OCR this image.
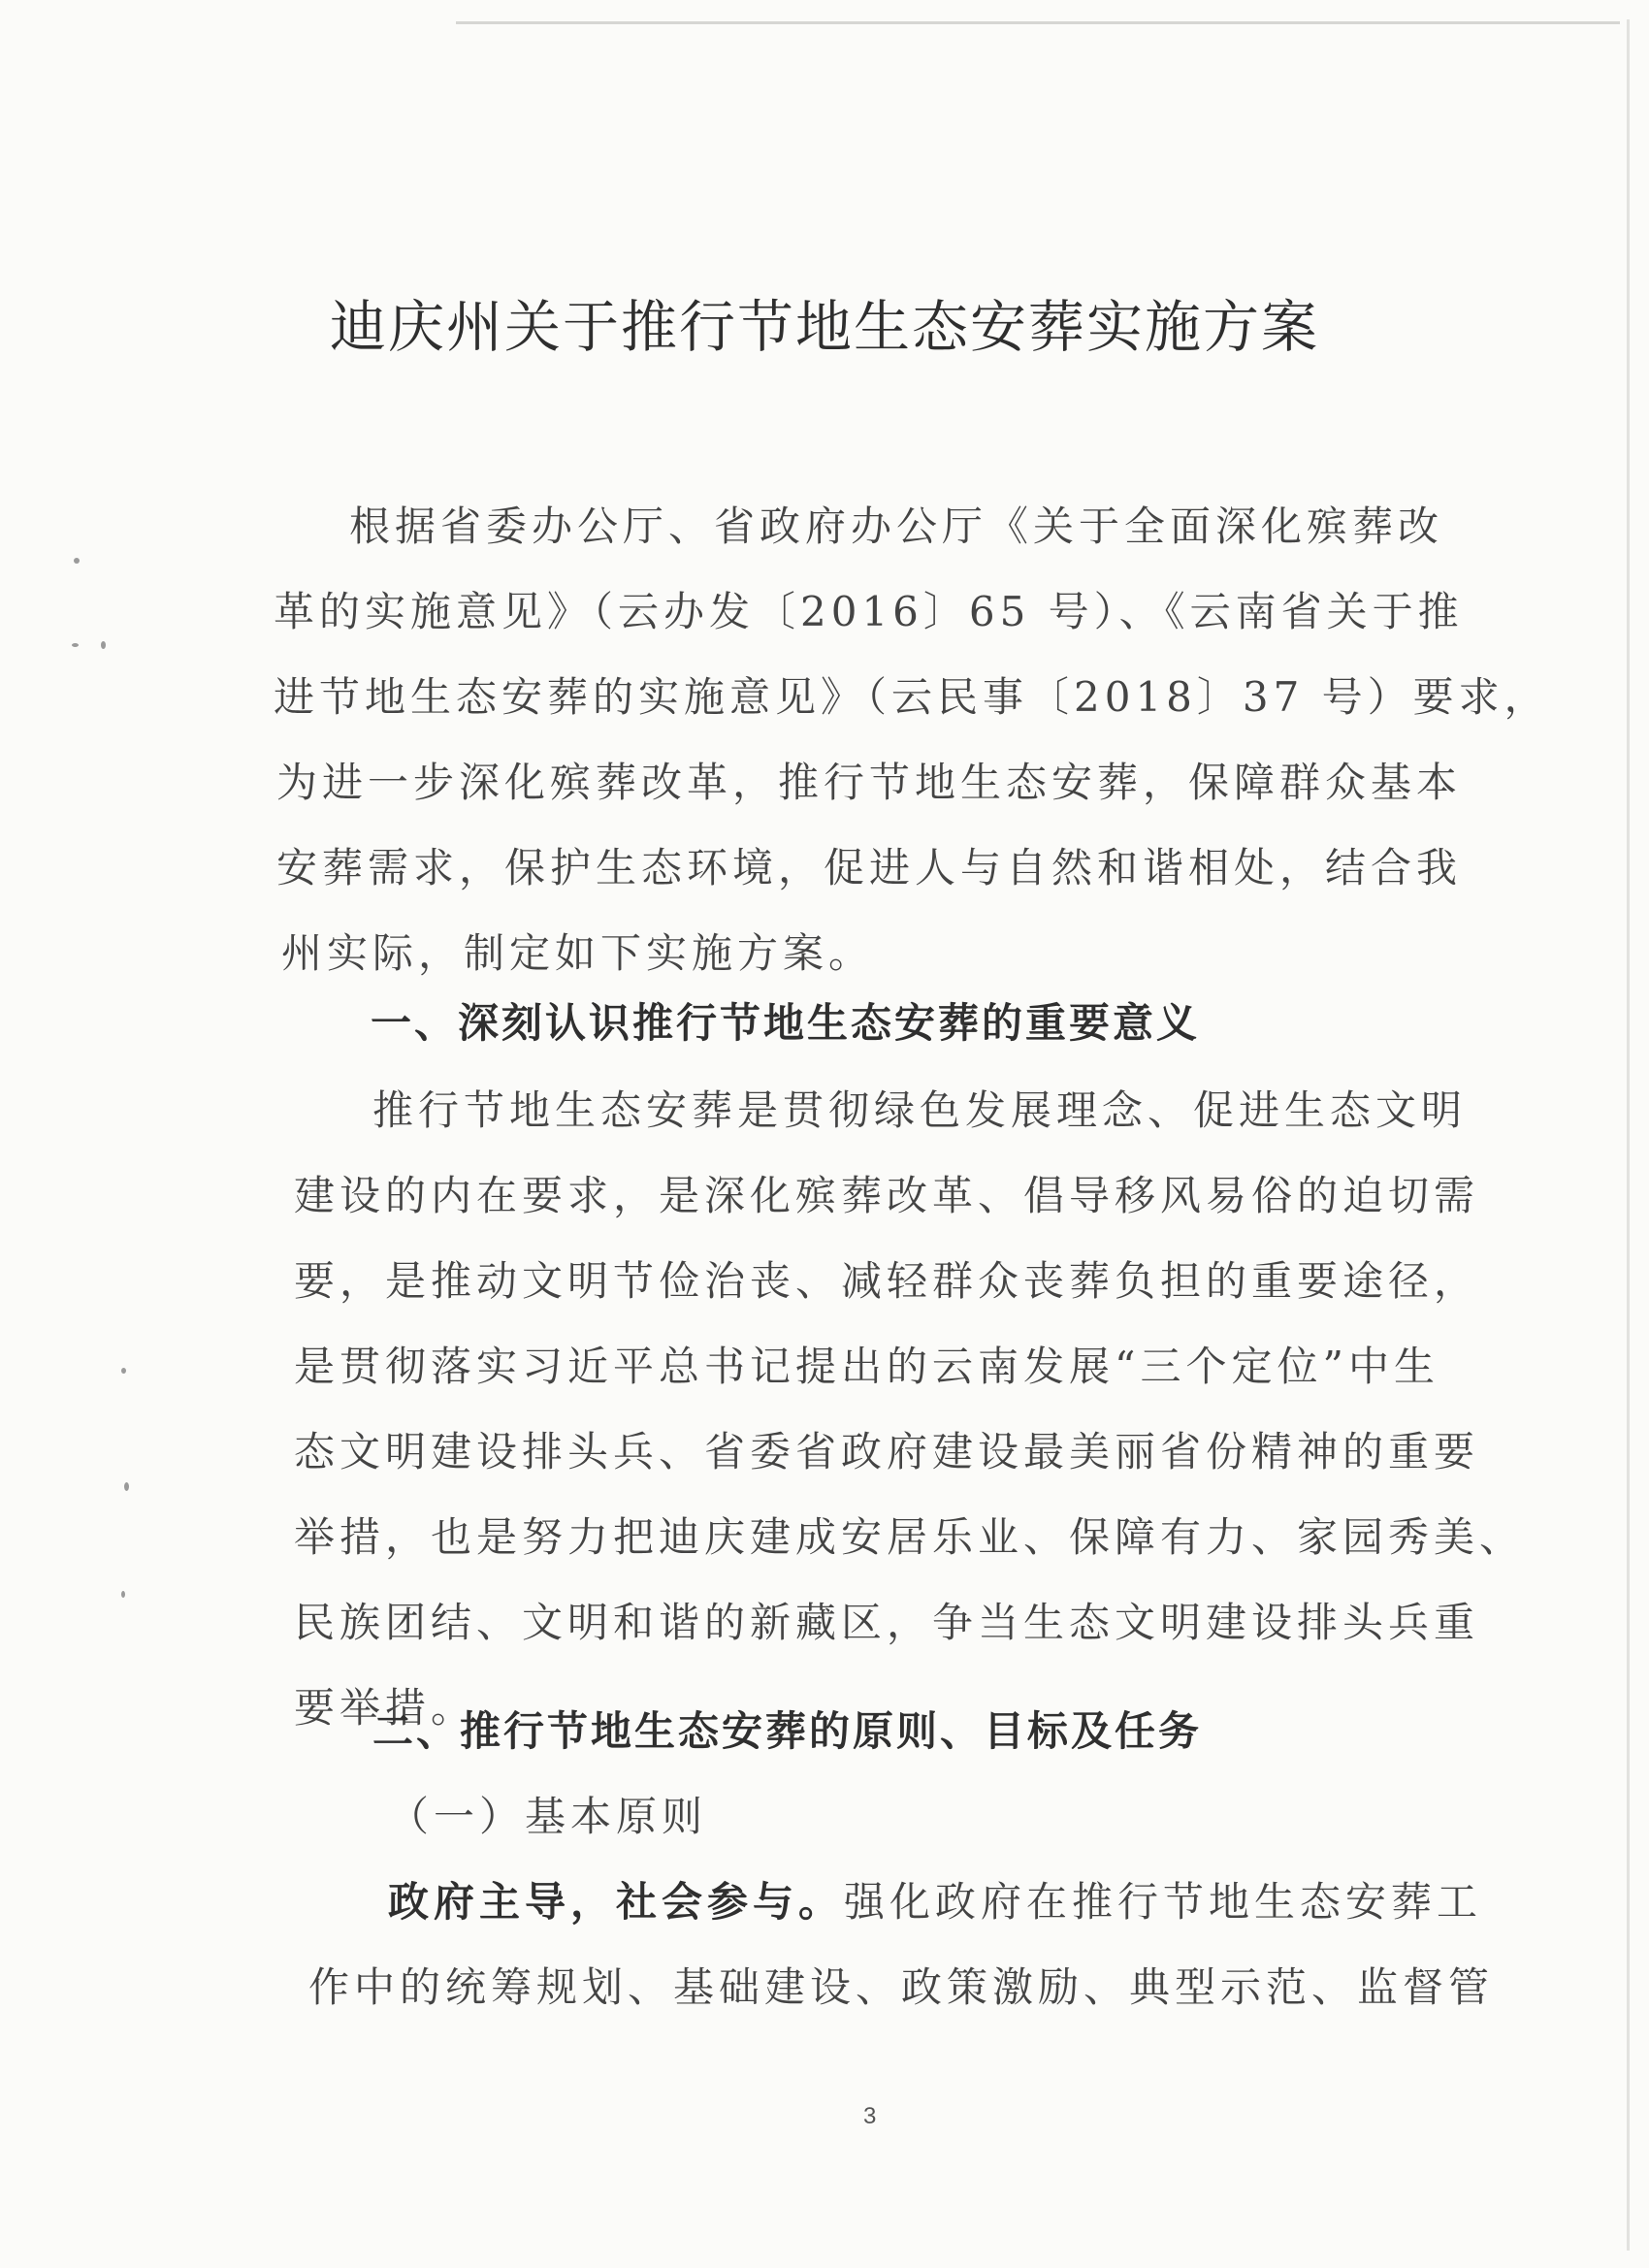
迪庆州关于推行节地生态安葬实施方案
根据省委办公厅、省政府办公厅《关于全面深化殡葬改
革的实施意见》（云办发〔2016〕65 号）、《云南省关于推
进节地生态安葬的实施意见》（云民事〔2018〕37 号）要求，
为进一步深化殡葬改革，推行节地生态安葬，保障群众基本
安葬需求，保护生态环境，促进人与自然和谐相处，结合我
州实际，制定如下实施方案。
一、深刻认识推行节地生态安葬的重要意义
推行节地生态安葬是贯彻绿色发展理念、促进生态文明
建设的内在要求，是深化殡葬改革、倡导移风易俗的迫切需
要，是推动文明节俭治丧、减轻群众丧葬负担的重要途径，
是贯彻落实习近平总书记提出的云南发展“三个定位”中生
态文明建设排头兵、省委省政府建设最美丽省份精神的重要
举措，也是努力把迪庆建成安居乐业、保障有力、家园秀美、
民族团结、文明和谐的新藏区，争当生态文明建设排头兵重
要举措。
二、推行节地生态安葬的原则、目标及任务
（一）基本原则
政府主导，社会参与。强化政府在推行节地生态安葬工
作中的统筹规划、基础建设、政策激励、典型示范、监督管
3
